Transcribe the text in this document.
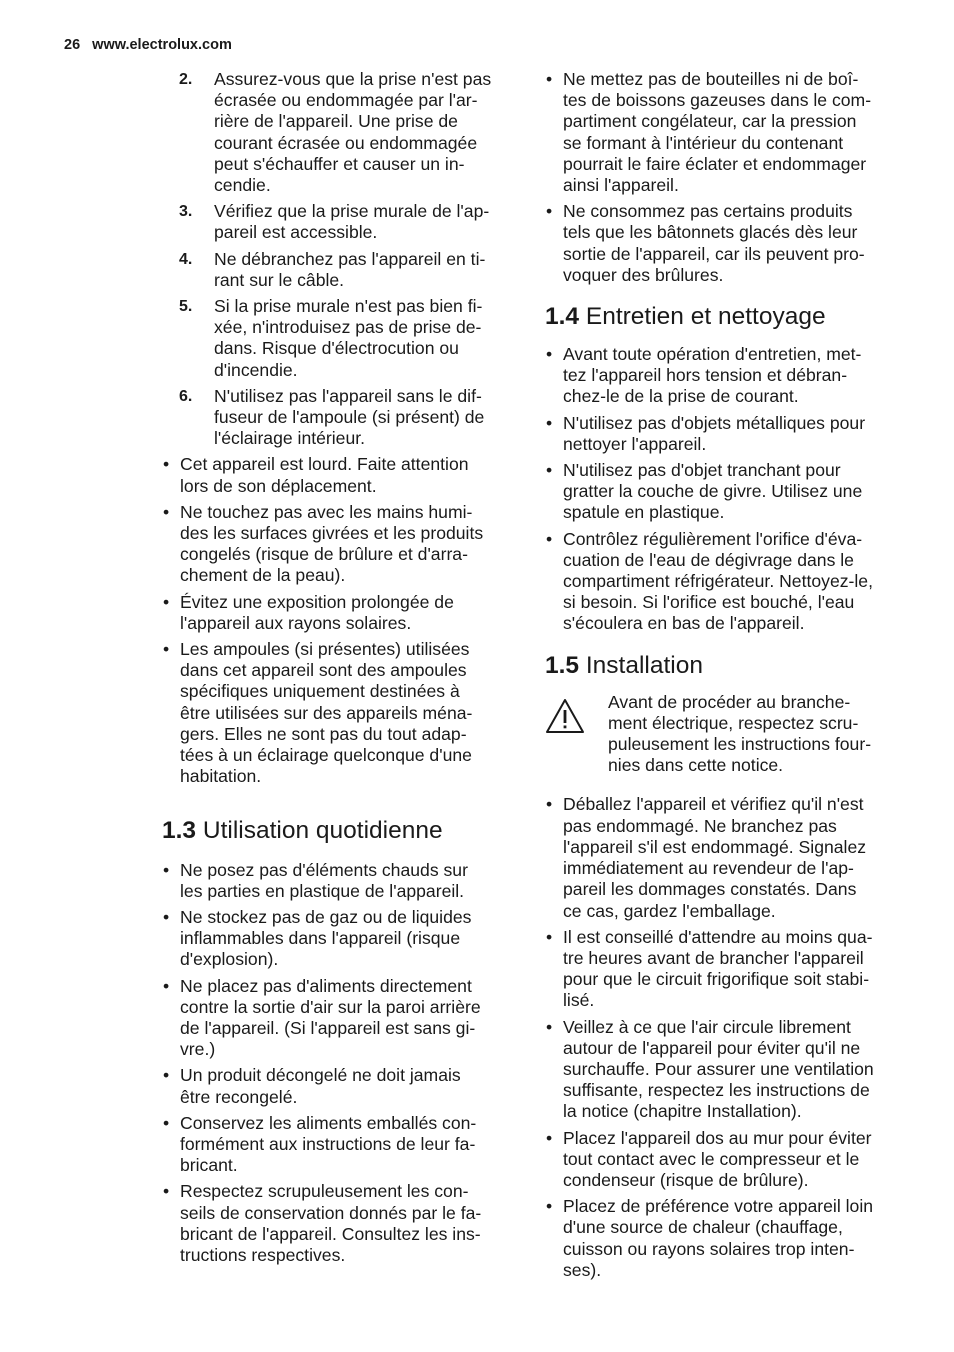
26 www.electrolux.com
2. Assurez-vous que la prise n'est pas
écrasée ou endommagée par l'ar-
rière de l'appareil. Une prise de
courant écrasée ou endommagée
peut s'échauffer et causer un in-
cendie.
3. Vérifiez que la prise murale de l'ap-
pareil est accessible.
4. Ne débranchez pas l'appareil en ti-
rant sur le câble.
5. Si la prise murale n'est pas bien fi-
xée, n'introduisez pas de prise de-
dans. Risque d'électrocution ou
d'incendie.
6. N'utilisez pas l'appareil sans le dif-
fuseur de l'ampoule (si présent) de
l'éclairage intérieur.
• Cet appareil est lourd. Faite attention
lors de son déplacement.
• Ne touchez pas avec les mains humi-
des les surfaces givrées et les produits
congelés (risque de brûlure et d'arra-
chement de la peau).
• Évitez une exposition prolongée de
l'appareil aux rayons solaires.
• Les ampoules (si présentes) utilisées
dans cet appareil sont des ampoules
spécifiques uniquement destinées à
être utilisées sur des appareils ména-
gers. Elles ne sont pas du tout adap-
tées à un éclairage quelconque d'une
habitation.
1.3 Utilisation quotidienne
• Ne posez pas d'éléments chauds sur
les parties en plastique de l'appareil.
• Ne stockez pas de gaz ou de liquides
inflammables dans l'appareil (risque
d'explosion).
• Ne placez pas d'aliments directement
contre la sortie d'air sur la paroi arrière
de l'appareil. (Si l'appareil est sans gi-
vre.)
• Un produit décongelé ne doit jamais
être recongelé.
• Conservez les aliments emballés con-
formément aux instructions de leur fa-
bricant.
• Respectez scrupuleusement les con-
seils de conservation donnés par le fa-
bricant de l'appareil. Consultez les ins-
tructions respectives.
• Ne mettez pas de bouteilles ni de boî-
tes de boissons gazeuses dans le com-
partiment congélateur, car la pression
se formant à l'intérieur du contenant
pourrait le faire éclater et endommager
ainsi l'appareil.
• Ne consommez pas certains produits
tels que les bâtonnets glacés dès leur
sortie de l'appareil, car ils peuvent pro-
voquer des brûlures.
1.4 Entretien et nettoyage
• Avant toute opération d'entretien, met-
tez l'appareil hors tension et débran-
chez-le de la prise de courant.
• N'utilisez pas d'objets métalliques pour
nettoyer l'appareil.
• N'utilisez pas d'objet tranchant pour
gratter la couche de givre. Utilisez une
spatule en plastique.
• Contrôlez régulièrement l'orifice d'éva-
cuation de l'eau de dégivrage dans le
compartiment réfrigérateur. Nettoyez-le,
si besoin. Si l'orifice est bouché, l'eau
s'écoulera en bas de l'appareil.
1.5 Installation
Avant de procéder au branche-
ment électrique, respectez scru-
puleusement les instructions four-
nies dans cette notice.
• Déballez l'appareil et vérifiez qu'il n'est
pas endommagé. Ne branchez pas
l'appareil s'il est endommagé. Signalez
immédiatement au revendeur de l'ap-
pareil les dommages constatés. Dans
ce cas, gardez l'emballage.
• Il est conseillé d'attendre au moins qua-
tre heures avant de brancher l'appareil
pour que le circuit frigorifique soit stabi-
lisé.
• Veillez à ce que l'air circule librement
autour de l'appareil pour éviter qu'il ne
surchauffe. Pour assurer une ventilation
suffisante, respectez les instructions de
la notice (chapitre Installation).
• Placez l'appareil dos au mur pour éviter
tout contact avec le compresseur et le
condenseur (risque de brûlure).
• Placez de préférence votre appareil loin
d'une source de chaleur (chauffage,
cuisson ou rayons solaires trop inten-
ses).
